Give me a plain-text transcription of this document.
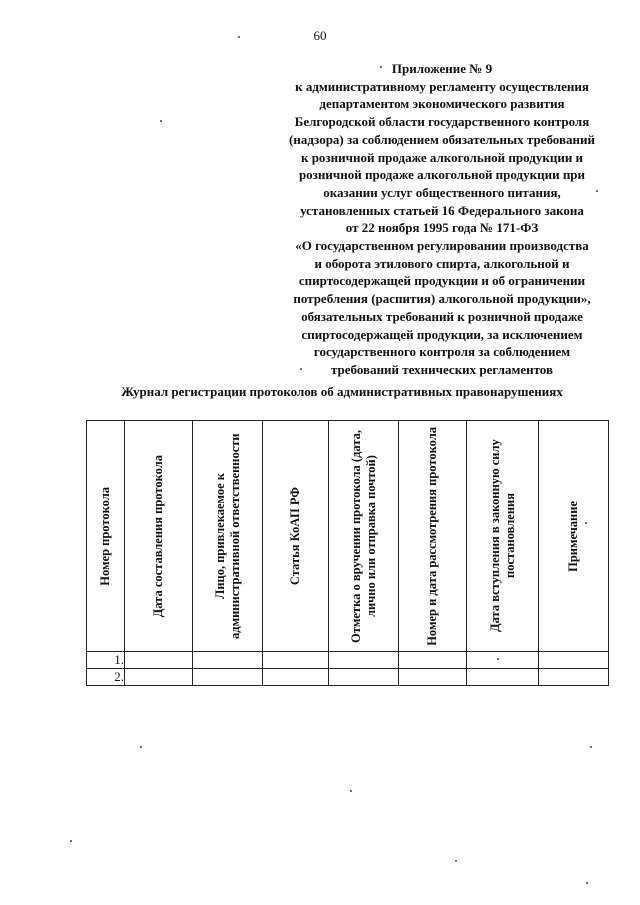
60
Приложение № 9
к административному регламенту осуществления
департаментом экономического развития
Белгородской области государственного контроля
(надзора) за соблюдением обязательных требований
к розничной продаже алкогольной продукции и
розничной продаже алкогольной продукции при
оказании услуг общественного питания,
установленных статьей 16 Федерального закона
от 22 ноября 1995 года № 171-ФЗ
«О государственном регулировании производства
и оборота этилового спирта, алкогольной и
спиртосодержащей продукции и об ограничении
потребления (распития) алкогольной продукции»,
обязательных требований к розничной продаже
спиртосодержащей продукции, за исключением
государственного контроля за соблюдением
требований технических регламентов
Журнал регистрации протоколов об административных правонарушениях
Номер протокола	Дата составления протокола	Лицо, привлекаемое к административной ответственности	Статья КоАП РФ	Отметка о вручении протокола (дата, лично или отправка почтой)	Номер и дата рассмотрения протокола	Дата вступления в законную силу постановления	Примечание

1.							
2.							
